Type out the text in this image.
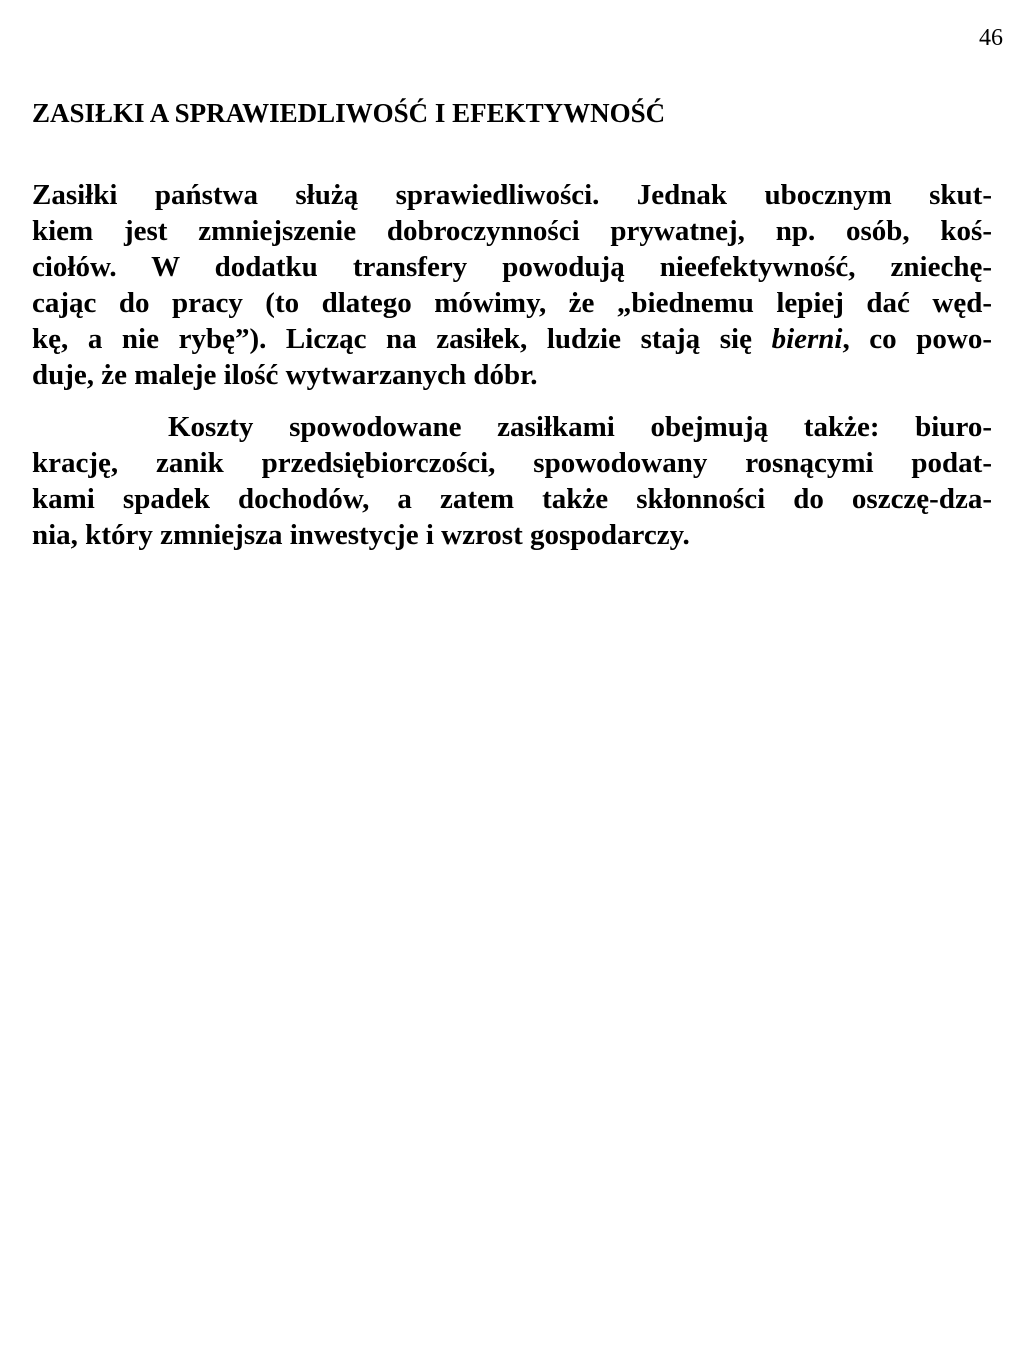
46
ZASIŁKI A SPRAWIEDLIWOŚĆ I EFEKTYWNOŚĆ

Zasiłki państwa służą sprawiedliwości. Jednak ubocznym skut-
kiem jest zmniejszenie dobroczynności prywatnej, np. osób, koś-
ciołów. W dodatku transfery powodują nieefektywność, zniechę-
cając do pracy (to dlatego mówimy, że „biednemu lepiej dać węd-
kę, a nie rybę”). Licząc na zasiłek, ludzie stają się bierni, co powo-
duje, że maleje ilość wytwarzanych dóbr.

Koszty spowodowane zasiłkami obejmują także: biuro-
krację, zanik przedsiębiorczości, spowodowany rosnącymi podat-
kami spadek dochodów, a zatem także skłonności do oszczę-dza-
nia, który zmniejsza inwestycje i wzrost gospodarczy.
